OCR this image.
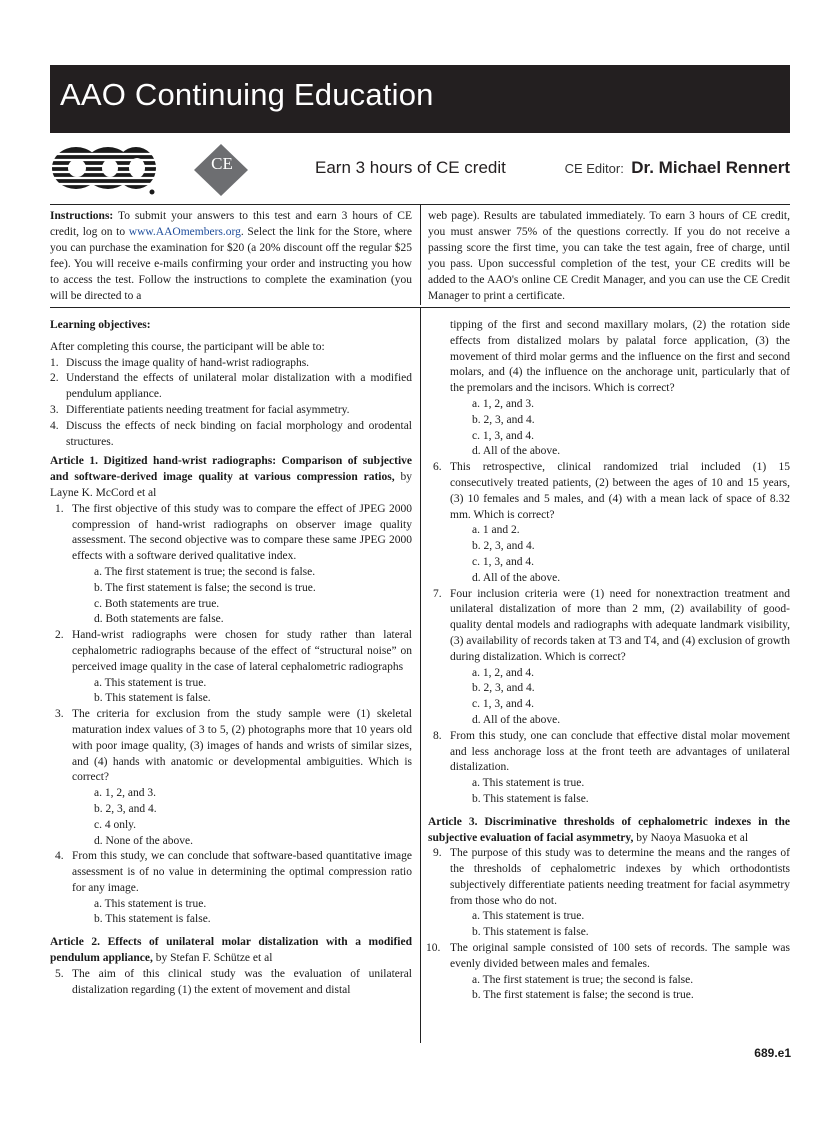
AAO Continuing Education
CE	Earn 3 hours of CE credit	CE Editor: Dr. Michael Rennert
Instructions: To submit your answers to this test and earn 3 hours of CE credit, log on to www.AAOmembers.org. Select the link for the Store, where you can purchase the examination for $20 (a 20% discount off the regular $25 fee). You will receive e-mails confirming your order and instructing you how to access the test. Follow the instructions to complete the examination (you will be directed to a
web page). Results are tabulated immediately. To earn 3 hours of CE credit, you must answer 75% of the questions correctly. If you do not receive a passing score the first time, you can take the test again, free of charge, until you pass. Upon successful completion of the test, your CE credits will be added to the AAO's online CE Credit Manager, and you can use the CE Credit Manager to print a certificate.

Learning objectives:

After completing this course, the participant will be able to:

1. Discuss the image quality of hand-wrist radiographs.
2. Understand the effects of unilateral molar distalization with a modified pendulum appliance.
3. Differentiate patients needing treatment for facial asymmetry.
4. Discuss the effects of neck binding on facial morphology and orodental structures.

Article 1. Digitized hand-wrist radiographs: Comparison of subjective and software-derived image quality at various compression ratios, by Layne K. McCord et al

1. The first objective of this study was to compare the effect of JPEG 2000 compression of hand-wrist radiographs on observer image quality assessment. The second objective was to compare these same JPEG 2000 effects with a software derived qualitative index.

a. The first statement is true; the second is false.

b. The first statement is false; the second is true.

c. Both statements are true.

d. Both statements are false.

2. Hand-wrist radiographs were chosen for study rather than lateral cephalometric radiographs because of the effect of “structural noise” on perceived image quality in the case of lateral cephalometric radiographs

a. This statement is true.

b. This statement is false.

3. The criteria for exclusion from the study sample were (1) skeletal maturation index values of 3 to 5, (2) photographs more that 10 years old with poor image quality, (3) images of hands and wrists of similar sizes, and (4) hands with anatomic or developmental ambiguities. Which is correct?

a. 1, 2, and 3.

b. 2, 3, and 4.

c. 4 only.

d. None of the above.

4. From this study, we can conclude that software-based quantitative image assessment is of no value in determining the optimal compression ratio for any image.

a. This statement is true.

b. This statement is false.

Article 2. Effects of unilateral molar distalization with a modified pendulum appliance, by Stefan F. Schütze et al

5. The aim of this clinical study was the evaluation of unilateral distalization regarding (1) the extent of movement and distal
tipping of the first and second maxillary molars, (2) the rotation side effects from distalized molars by palatal force application, (3) the movement of third molar germs and the influence on the first and second molars, and (4) the influence on the anchorage unit, particularly that of the premolars and the incisors. Which is correct?

a. 1, 2, and 3.

b. 2, 3, and 4.

c. 1, 3, and 4.

d. All of the above.

6. This retrospective, clinical randomized trial included (1) 15 consecutively treated patients, (2) between the ages of 10 and 15 years, (3) 10 females and 5 males, and (4) with a mean lack of space of 8.32 mm. Which is correct?

a. 1 and 2.

b. 2, 3, and 4.

c. 1, 3, and 4.

d. All of the above.

7. Four inclusion criteria were (1) need for nonextraction treatment and unilateral distalization of more than 2 mm, (2) availability of good-quality dental models and radiographs with adequate landmark visibility, (3) availability of records taken at T3 and T4, and (4) exclusion of growth during distalization. Which is correct?

a. 1, 2, and 4.

b. 2, 3, and 4.

c. 1, 3, and 4.

d. All of the above.

8. From this study, one can conclude that effective distal molar movement and less anchorage loss at the front teeth are advantages of unilateral distalization.

a. This statement is true.

b. This statement is false.

Article 3. Discriminative thresholds of cephalometric indexes in the subjective evaluation of facial asymmetry, by Naoya Masuoka et al

9. The purpose of this study was to determine the means and the ranges of the thresholds of cephalometric indexes by which orthodontists subjectively differentiate patients needing treatment for facial asymmetry from those who do not.

a. This statement is true.

b. This statement is false.

10. The original sample consisted of 100 sets of records. The sample was evenly divided between males and females.

a. The first statement is true; the second is false.

b. The first statement is false; the second is true.

689.e1
